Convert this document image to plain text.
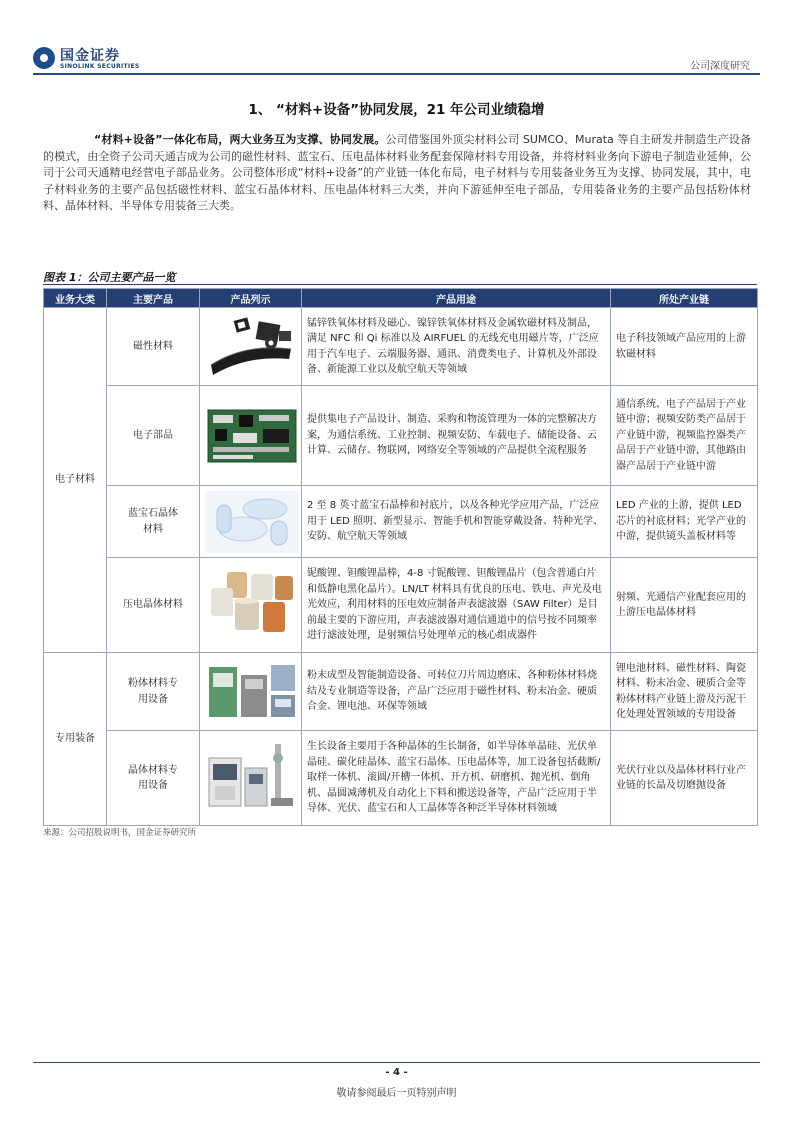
国金证券
SINOLINK SECURITIES	公司深度研究
1、 “材料+设备”协同发展，21 年公司业绩稳增
“材料+设备”一体化布局，两大业务互为支撑、协同发展。公司借鉴国外顶尖材料公司 SUMCO、Murata 等自主研发并制造生产设备的模式，由全资子公司天通吉成为公司的磁性材料、蓝宝石、压电晶体材料业务配套保障材料专用设备，并将材料业务向下游电子制造业延伸，公司于公司天通精电经营电子部品业务。公司整体形成“材料+设备”的产业链一体化布局，电子材料与专用装备业务互为支撑、协同发展，其中，电子材料业务的主要产品包括磁性材料、蓝宝石晶体材料、压电晶体材料三大类，并向下游延伸至电子部品，专用装备业务的主要产品包括粉体材料、晶体材料、半导体专用装备三大类。
图表 1：公司主要产品一览
业务大类	主要产品	产品列示	产品用途	所处产业链
电子材料	磁性材料		锰锌铁氧体材料及磁心、镍锌铁氧体材料及金属软磁材料及制品，满足 NFC 和 Qi 标准以及 AIRFUEL 的无线充电用磁片等，广泛应用于汽车电子、云端服务器、通讯、消费类电子、计算机及外部设备、新能源工业以及航空航天等领域	电子科技领域产品应用的上游软磁材料
	电子部品		提供集电子产品设计、制造、采购和物流管理为一体的完整解决方案，为通信系统、工业控制、视频安防、车载电子、储能设备、云计算、云储存、物联网，网络安全等领域的产品提供全流程服务	通信系统、电子产品居于产业链中游；视频安防类产品居于产业链中游，视频监控器类产品居于产业链中游，其他路由器产品居于产业链中游
	蓝宝石晶体材料		2 至 8 英寸蓝宝石晶棒和衬底片，以及各种光学应用产品，广泛应用于 LED 照明、新型显示、智能手机和智能穿戴设备、特种光学、安防、航空航天等领域	LED 产业的上游，提供 LED 芯片的衬底材料；光学产业的中游，提供镜头盖板材料等
	压电晶体材料		铌酸锂、钽酸锂晶棒，4-8 寸铌酸锂、钽酸锂晶片（包含普通白片和低静电黑化晶片）。LN/LT 材料具有优良的压电、铁电、声光及电光效应，利用材料的压电效应制备声表滤波器（SAW Filter）是目前最主要的下游应用，声表滤波器对通信通道中的信号按不同频率进行滤波处理，是射频信号处理单元的核心组成器件	射频、光通信产业配套应用的上游压电晶体材料
专用装备	粉体材料专用设备		粉末成型及智能制造设备、可转位刀片周边磨床、各种粉体材料烧结及专业制造等设备，产品广泛应用于磁性材料、粉末冶金、硬质合金、锂电池、环保等领域	锂电池材料、磁性材料、陶瓷材料、粉末冶金、硬质合金等粉体材料产业链上游及污泥干化处理处置领域的专用设备
	晶体材料专用设备		生长设备主要用于各种晶体的生长制备，如半导体单晶硅、光伏单晶硅、碳化硅晶体、蓝宝石晶体、压电晶体等，加工设备包括截断/取样一体机、滚圆/开槽一体机、开方机、研磨机、抛光机、倒角机、晶圆减薄机及自动化上下料和搬送设备等，产品广泛应用于半导体、光伏、蓝宝石和人工晶体等各种泛半导体材料领域	光伏行业以及晶体材料行业产业链的长晶及切磨抛设备
来源：公司招股说明书，国金证券研究所
- 4 -
敬请参阅最后一页特别声明
